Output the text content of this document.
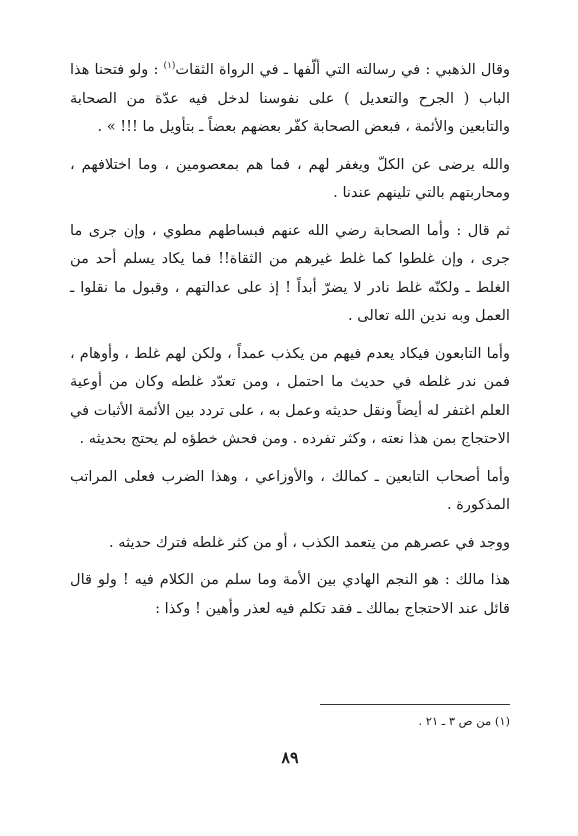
وقال الذهبي : في رسالته التي ألّفها ـ في الرواة الثقات$^{(١)}$ : ولو فتحنا هذا الباب ( الجرح والتعديل ) على نفوسنا لدخل فيه عدّة من الصحابة والتابعين والأئمة ، فبعض الصحابة كفّر بعضهم بعضاً ـ بتأويل ما !!! » .

والله يرضى عن الكلّ ويغفر لهم ، فما هم بمعصومين ، وما اختلافهم ، ومحاربتهم بالتي تلينهم عندنا .

ثم قال : وأما الصحابة رضي الله عنهم فبساطهم مطوي ، وإن جرى ما جرى ، وإن غلطوا كما غلط غيرهم من الثقاة!! فما يكاد يسلم أحد من الغلط ـ ولكنّه غلط نادر لا يضرّ أبداً ! إذ على عدالتهم ، وقبول ما نقلوا ـ العمل وبه ندين الله تعالى .

وأما التابعون فيكاد يعدم فيهم من يكذب عمداً ، ولكن لهم غلط ، وأوهام ، فمن ندر غلطه في حديث ما احتمل ، ومن تعدّد غلطه وكان من أوعية العلم اغتفر له أيضاً ونقل حديثه وعمل به ، على تردد بين الأئمة الأثبات في الاحتجاج بمن هذا نعته ، وكثر تفرده . ومن فحش خطؤه لم يحتج بحديثه .

وأما أصحاب التابعين ـ كمالك ، والأوزاعي ، وهذا الضرب فعلى المراتب المذكورة .

ووجد في عصرهم من يتعمد الكذب ، أو من كثر غلطه فترك حديثه .

هذا مالك : هو النجم الهادي بين الأمة وما سلم من الكلام فيه ! ولو قال قائل عند الاحتجاج بمالك ـ فقد تكلم فيه لعذر وأهين ! وكذا :

(١) من ص ٣ ـ ٢١ .
٨٩
